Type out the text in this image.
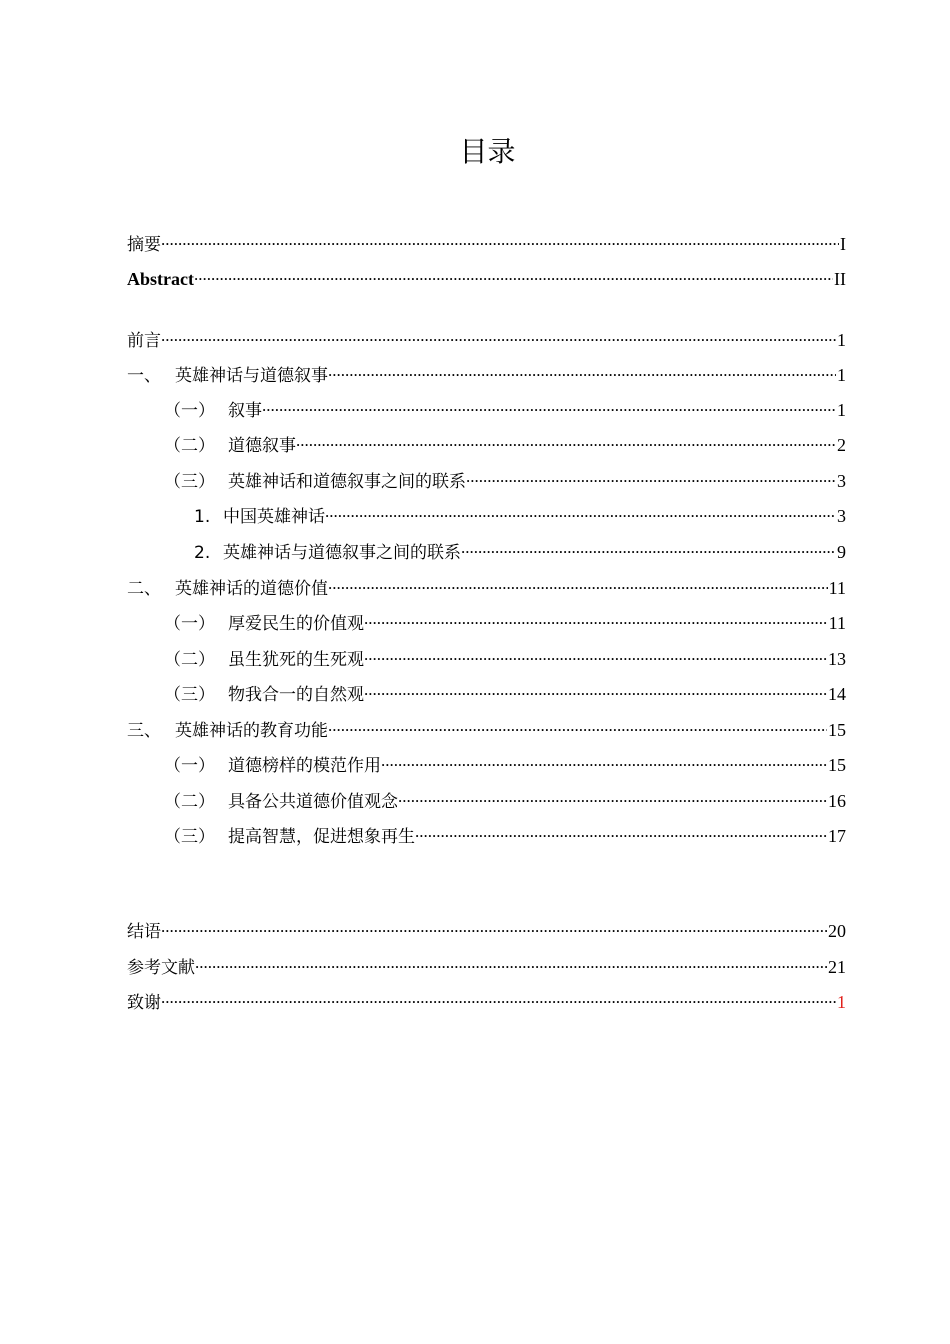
目录
摘要 .....	I
Abstract .....	II
前言 .....	1
一、 英雄神话与道德叙事 .....	1
（一） 叙事 .....	1
（二） 道德叙事 .....	2
（三） 英雄神话和道德叙事之间的联系 .....	3
1. 中国英雄神话 .....	3
2. 英雄神话与道德叙事之间的联系 .....	9
二、 英雄神话的道德价值 .....	11
（一） 厚爱民生的价值观 .....	11
（二） 虽生犹死的生死观 .....	13
（三） 物我合一的自然观 .....	14
三、 英雄神话的教育功能 .....	15
（一） 道德榜样的模范作用 .....	15
（二） 具备公共道德价值观念 .....	16
（三） 提高智慧，促进想象再生 .....	17
结语 .....	20
参考文献 .....	21
致谢 .....	1
